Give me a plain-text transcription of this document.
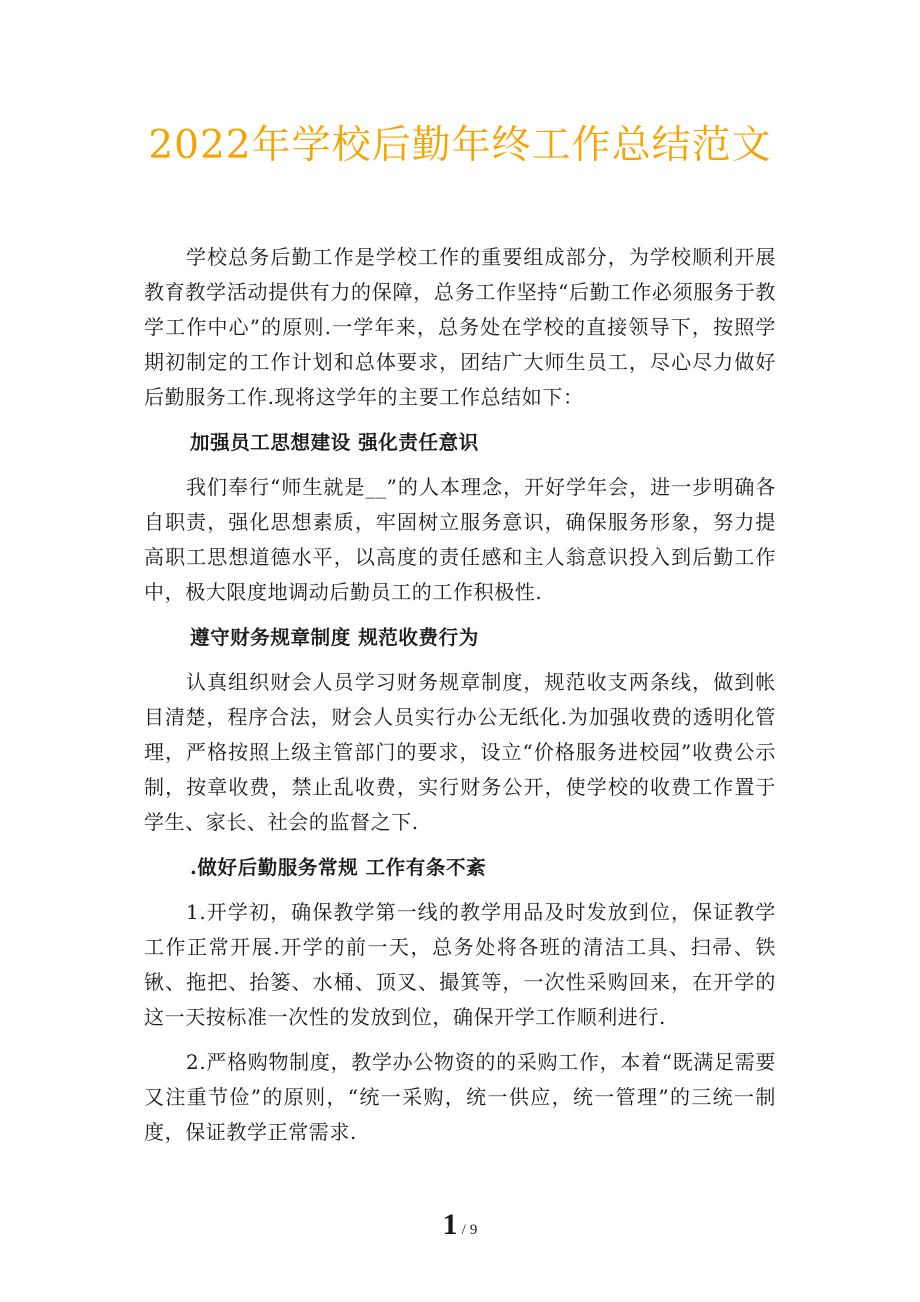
2022年学校后勤年终工作总结范文

学校总务后勤工作是学校工作的重要组成部分，为学校顺利开展教育教学活动提供有力的保障，总务工作坚持“后勤工作必须服务于教学工作中心”的原则.一学年来，总务处在学校的直接领导下，按照学期初制定的工作计划和总体要求，团结广大师生员工，尽心尽力做好后勤服务工作.现将这学年的主要工作总结如下：

加强员工思想建设 强化责任意识

我们奉行“师生就是__”的人本理念，开好学年会，进一步明确各自职责，强化思想素质，牢固树立服务意识，确保服务形象，努力提高职工思想道德水平，以高度的责任感和主人翁意识投入到后勤工作中，极大限度地调动后勤员工的工作积极性.

遵守财务规章制度 规范收费行为

认真组织财会人员学习财务规章制度，规范收支两条线，做到帐目清楚，程序合法，财会人员实行办公无纸化.为加强收费的透明化管理，严格按照上级主管部门的要求，设立“价格服务进校园”收费公示制，按章收费，禁止乱收费，实行财务公开，使学校的收费工作置于学生、家长、社会的监督之下.

.做好后勤服务常规 工作有条不紊

1.开学初，确保教学第一线的教学用品及时发放到位，保证教学工作正常开展.开学的前一天，总务处将各班的清洁工具、扫帚、铁锹、拖把、抬篓、水桶、顶叉、撮箕等，一次性采购回来，在开学的这一天按标准一次性的发放到位，确保开学工作顺利进行.

2.严格购物制度，教学办公物资的的采购工作，本着“既满足需要又注重节俭”的原则，“统一采购，统一供应，统一管理”的三统一制度，保证教学正常需求.

1 / 9
